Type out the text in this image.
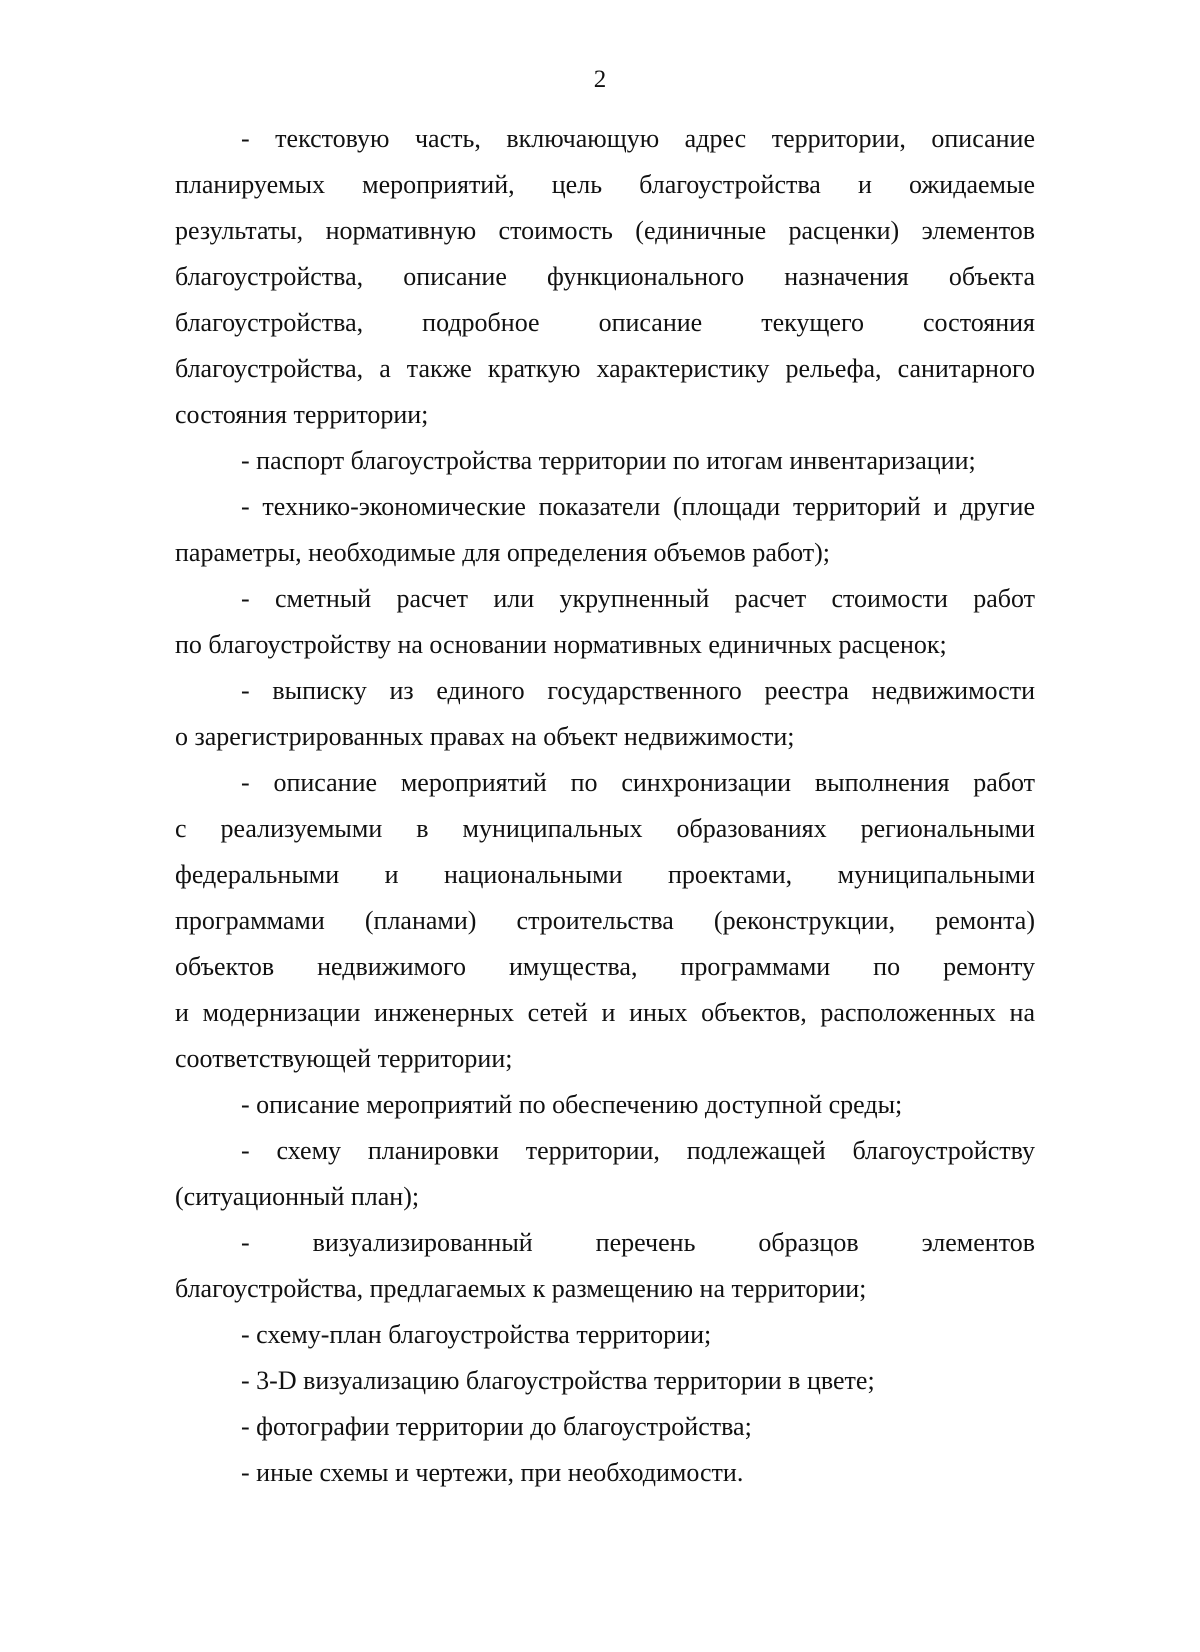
2
- текстовую часть, включающую адрес территории, описание
планируемых мероприятий, цель благоустройства и ожидаемые
результаты, нормативную стоимость (единичные расценки) элементов
благоустройства, описание функционального назначения объекта
благоустройства, подробное описание текущего состояния
благоустройства, а также краткую характеристику рельефа, санитарного
состояния территории;
- паспорт благоустройства территории по итогам инвентаризации;
- технико-экономические показатели (площади территорий и другие
параметры, необходимые для определения объемов работ);
- сметный расчет или укрупненный расчет стоимости работ
по благоустройству на основании нормативных единичных расценок;
- выписку из единого государственного реестра недвижимости
о зарегистрированных правах на объект недвижимости;
- описание мероприятий по синхронизации выполнения работ
с реализуемыми в муниципальных образованиях региональными
федеральными и национальными проектами, муниципальными
программами (планами) строительства (реконструкции, ремонта)
объектов недвижимого имущества, программами по ремонту
и модернизации инженерных сетей и иных объектов, расположенных на
соответствующей территории;
- описание мероприятий по обеспечению доступной среды;
- схему планировки территории, подлежащей благоустройству
(ситуационный план);
- визуализированный перечень образцов элементов
благоустройства, предлагаемых к размещению на территории;
- схему-план благоустройства территории;
- 3-D визуализацию благоустройства территории в цвете;
- фотографии территории до благоустройства;
- иные схемы и чертежи, при необходимости.
